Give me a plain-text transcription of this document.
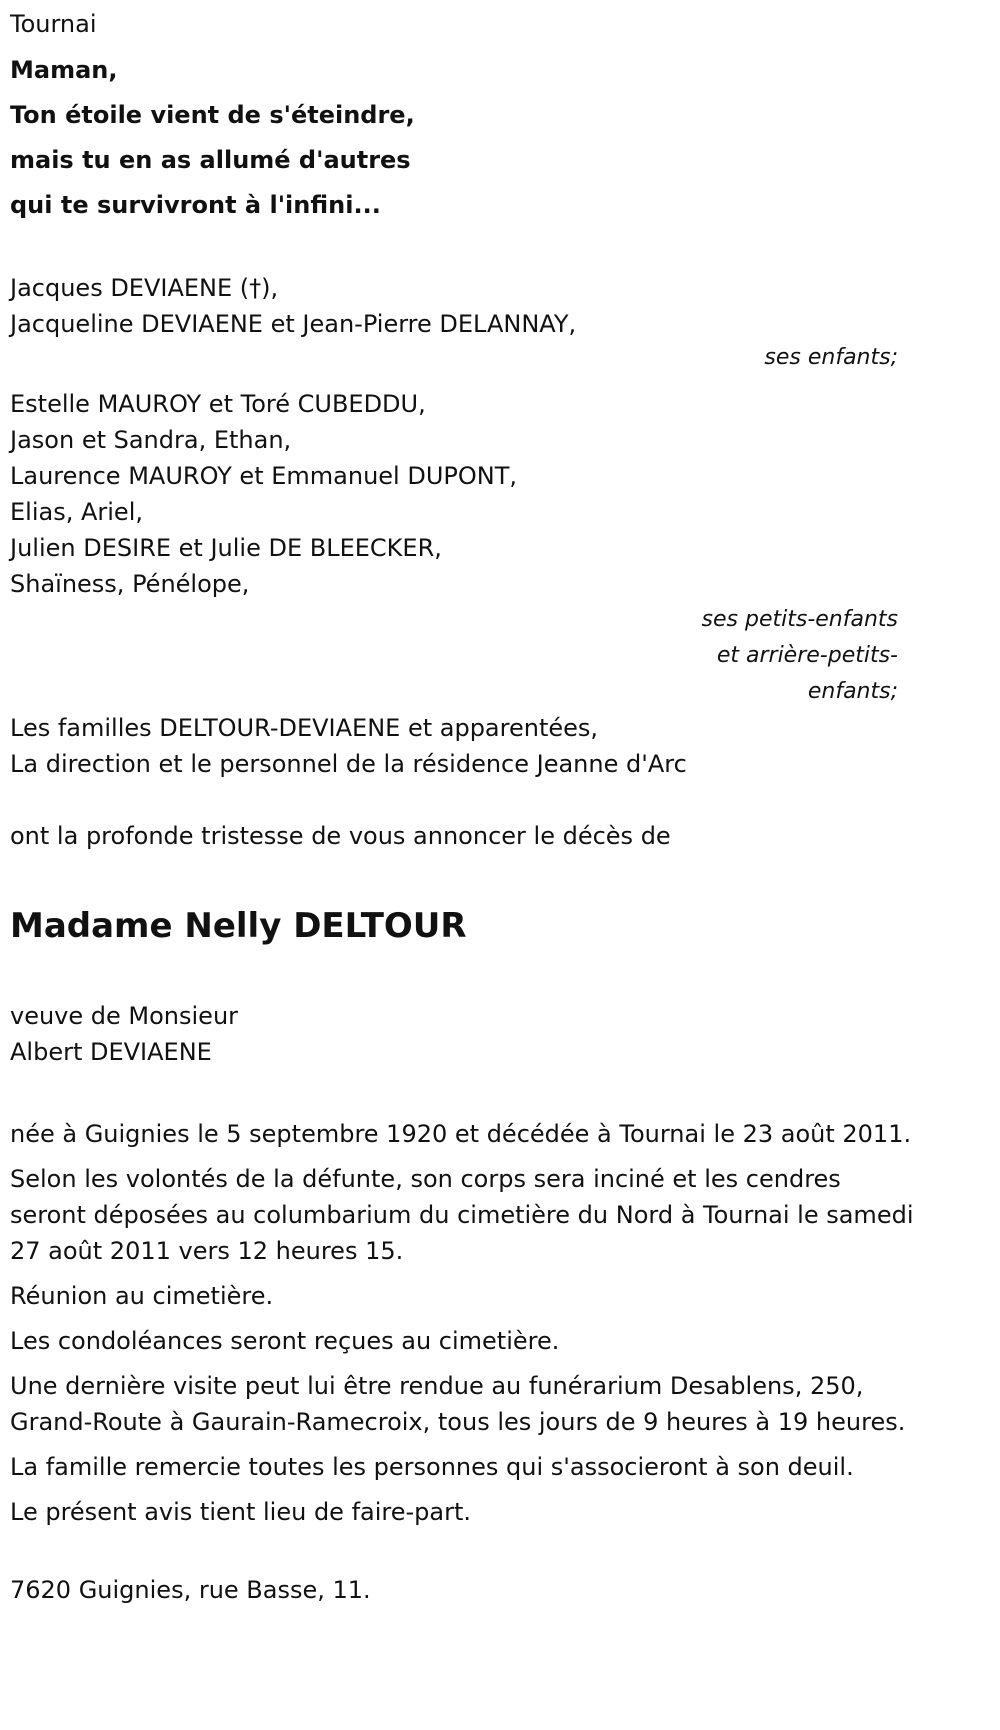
Tournai

Maman,

Ton étoile vient de s'éteindre,

mais tu en as allumé d'autres

qui te survivront à l'infini...

Jacques DEVIAENE (†),
Jacqueline DEVIAENE et Jean-Pierre DELANNAY,
ses enfants;
Estelle MAUROY et Toré CUBEDDU,
Jason et Sandra, Ethan,
Laurence MAUROY et Emmanuel DUPONT,
Elias, Ariel,
Julien DESIRE et Julie DE BLEECKER,
Shaïness, Pénélope,
ses petits-enfants
et arrière-petits-
enfants;
Les familles DELTOUR-DEVIAENE et apparentées,
La direction et le personnel de la résidence Jeanne d'Arc
ont la profonde tristesse de vous annoncer le décès de
Madame Nelly DELTOUR
veuve de Monsieur
Albert DEVIAENE

née à Guignies le 5 septembre 1920 et décédée à Tournai le 23 août 2011.

Selon les volontés de la défunte, son corps sera inciné et les cendres seront déposées au columbarium du cimetière du Nord à Tournai le samedi 27 août 2011 vers 12 heures 15.

Réunion au cimetière.

Les condoléances seront reçues au cimetière.

Une dernière visite peut lui être rendue au funérarium Desablens, 250, Grand-Route à Gaurain-Ramecroix, tous les jours de 9 heures à 19 heures.

La famille remercie toutes les personnes qui s'associeront à son deuil.

Le présent avis tient lieu de faire-part.

7620 Guignies, rue Basse, 11.
